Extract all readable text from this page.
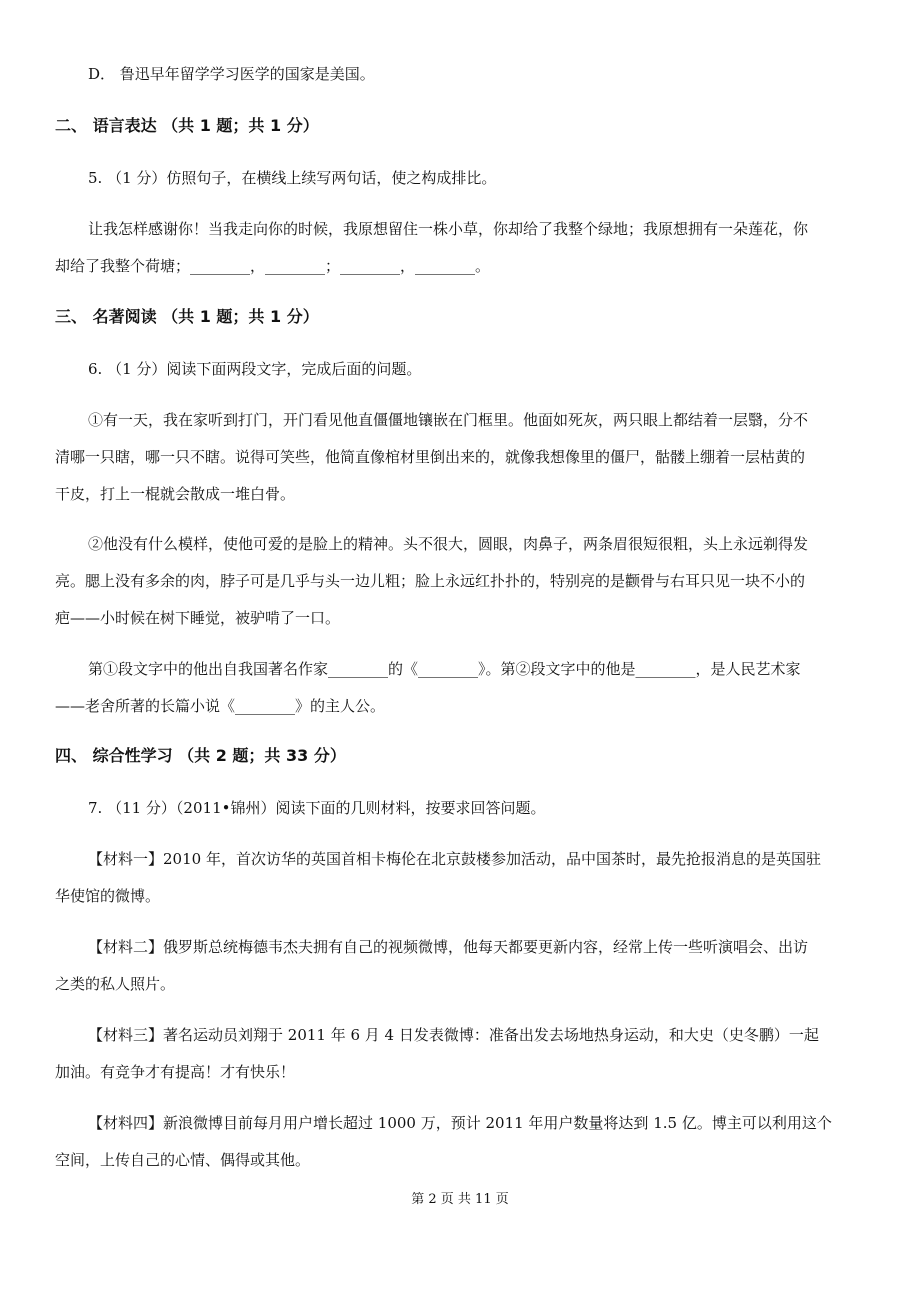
D． 鲁迅早年留学学习医学的国家是美国。
二、 语言表达 （共 1 题；共 1 分）
5. （1 分）仿照句子，在横线上续写两句话，使之构成排比。
让我怎样感谢你！当我走向你的时候，我原想留住一株小草，你却给了我整个绿地；我原想拥有一朵莲花，你
却给了我整个荷塘；________，________；________，________。
三、 名著阅读 （共 1 题；共 1 分）
6. （1 分）阅读下面两段文字，完成后面的问题。
①有一天，我在家听到打门，开门看见他直僵僵地镶嵌在门框里。他面如死灰，两只眼上都结着一层翳，分不
清哪一只瞎，哪一只不瞎。说得可笑些，他简直像棺材里倒出来的，就像我想像里的僵尸，骷髅上绷着一层枯黄的
干皮，打上一棍就会散成一堆白骨。
②他没有什么模样，使他可爱的是脸上的精神。头不很大，圆眼，肉鼻子，两条眉很短很粗，头上永远剃得发
亮。腮上没有多余的肉，脖子可是几乎与头一边儿粗；脸上永远红扑扑的，特别亮的是颧骨与右耳只见一块不小的
疤——小时候在树下睡觉，被驴啃了一口。
第①段文字中的他出自我国著名作家________的《________》。第②段文字中的他是________，是人民艺术家
——老舍所著的长篇小说《________》的主人公。
四、 综合性学习 （共 2 题；共 33 分）
7. （11 分）（2011•锦州）阅读下面的几则材料，按要求回答问题。
【材料一】2010 年，首次访华的英国首相卡梅伦在北京鼓楼参加活动，品中国茶时，最先抢报消息的是英国驻
华使馆的微博。
【材料二】俄罗斯总统梅德韦杰夫拥有自己的视频微博，他每天都要更新内容，经常上传一些听演唱会、出访
之类的私人照片。
【材料三】著名运动员刘翔于 2011 年 6 月 4 日发表微博：准备出发去场地热身运动，和大史（史冬鹏）一起
加油。有竞争才有提高！才有快乐！
【材料四】新浪微博目前每月用户增长超过 1000 万，预计 2011 年用户数量将达到 1.5 亿。博主可以利用这个
空间，上传自己的心情、偶得或其他。
第 2 页 共 11 页
